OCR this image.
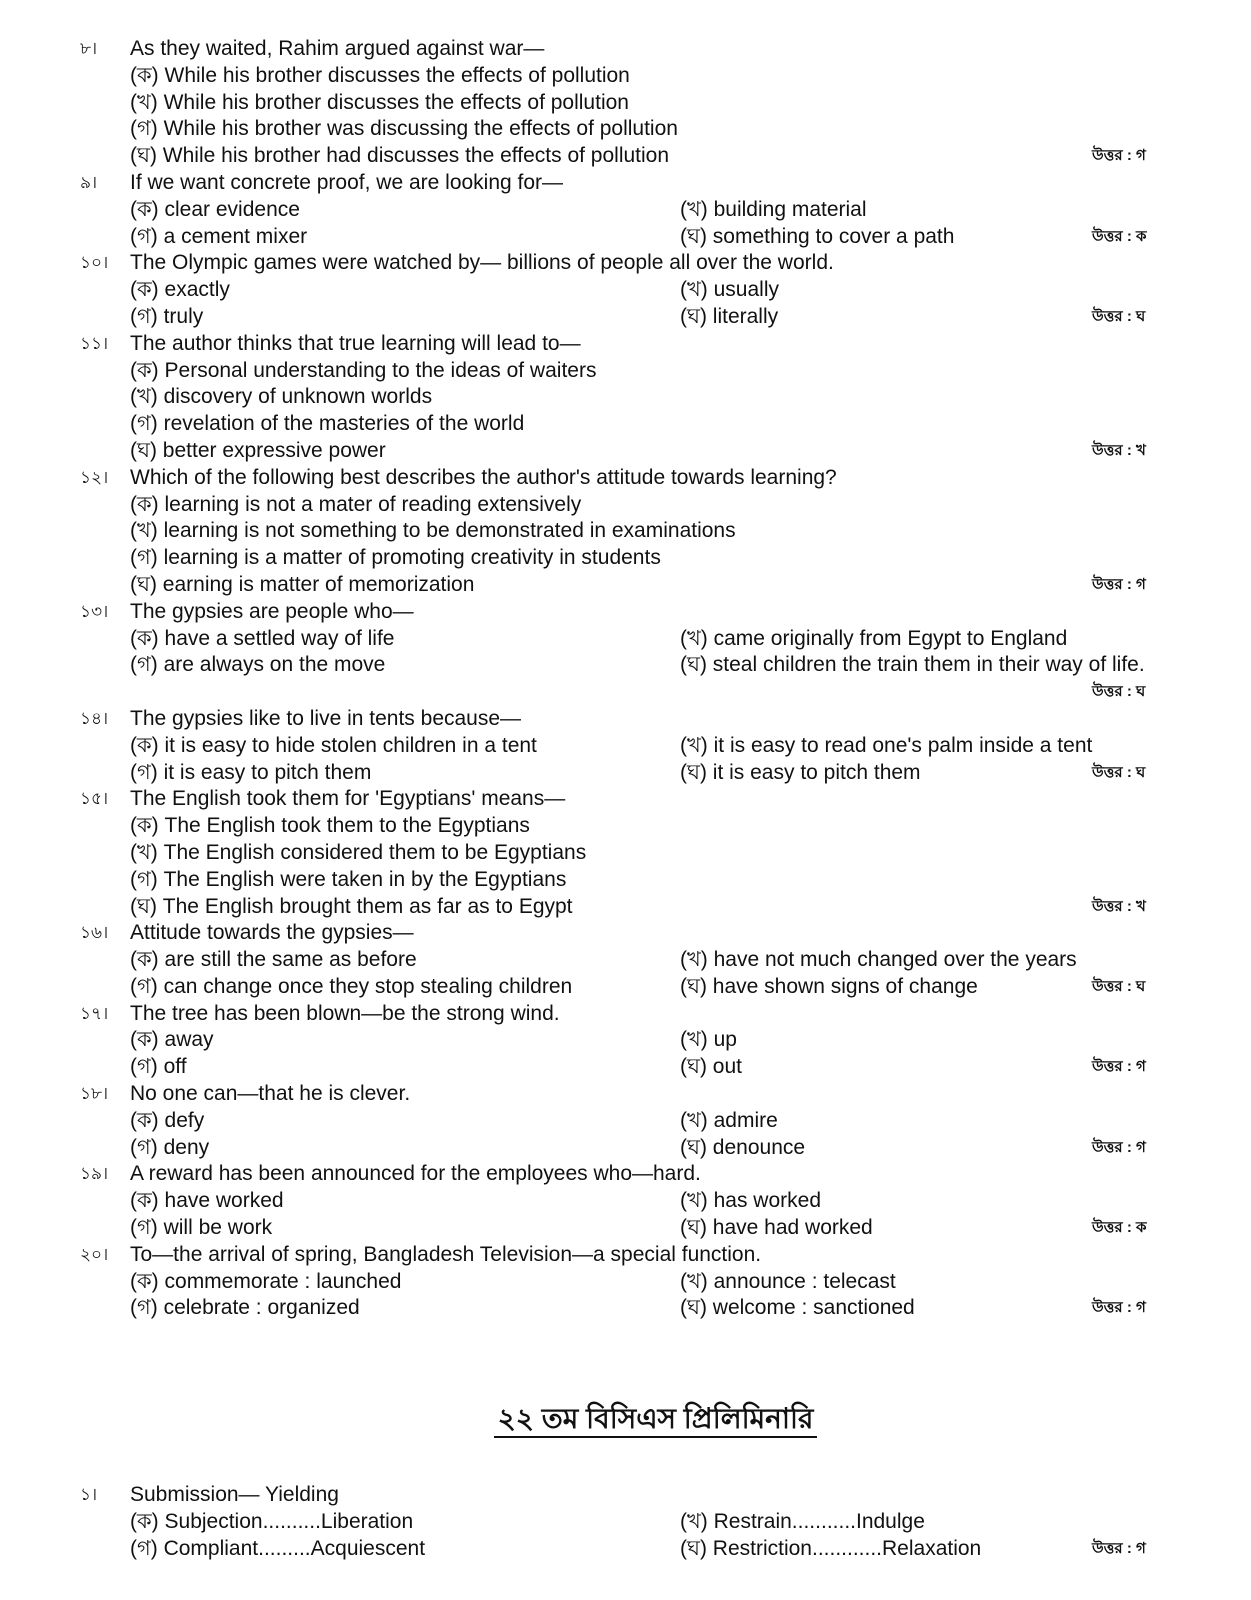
৮। As they waited, Rahim argued against war—
(ক) While his brother discusses the effects of pollution
(খ) While his brother discusses the effects of pollution
(গ) While his brother was discussing the effects of pollution
(ঘ) While his brother had discusses the effects of pollution	উত্তর : গ
৯। If we want concrete proof, we are looking for—
(ক) clear evidence	(খ) building material
(গ) a cement mixer	(ঘ) something to cover a path	উত্তর : ক
১০। The Olympic games were watched by— billions of people all over the world.
(ক) exactly	(খ) usually
(গ) truly	(ঘ) literally	উত্তর : ঘ
১১। The author thinks that true learning will lead to—
(ক) Personal understanding to the ideas of waiters
(খ) discovery of unknown worlds
(গ) revelation of the masteries of the world
(ঘ) better expressive power	উত্তর : খ
১২। Which of the following best describes the author's attitude towards learning?
(ক) learning is not a mater of reading extensively
(খ) learning is not something to be demonstrated in examinations
(গ) learning is a matter of promoting creativity in students
(ঘ) earning is matter of memorization	উত্তর : গ
১৩। The gypsies are people who—
(ক) have a settled way of life	(খ) came originally from Egypt to England
(গ) are always on the move	(ঘ) steal children the train them in their way of life.
উত্তর : ঘ
১৪। The gypsies like to live in tents because—
(ক) it is easy to hide stolen children in a tent	(খ) it is easy to read one's palm inside a tent
(গ) it is easy to pitch them	(ঘ) it is easy to pitch them	উত্তর : ঘ
১৫। The English took them for 'Egyptians' means—
(ক) The English took them to the Egyptians
(খ) The English considered them to be Egyptians
(গ) The English were taken in by the Egyptians
(ঘ) The English brought them as far as to Egypt	উত্তর : খ
১৬। Attitude towards the gypsies—
(ক) are still the same as before	(খ) have not much changed over the years
(গ) can change once they stop stealing children	(ঘ) have shown signs of change	উত্তর : ঘ
১৭। The tree has been blown—be the strong wind.
(ক) away	(খ) up
(গ) off	(ঘ) out	উত্তর : গ
১৮। No one can—that he is clever.
(ক) defy	(খ) admire
(গ) deny	(ঘ) denounce	উত্তর : গ
১৯। A reward has been announced for the employees who—hard.
(ক) have worked	(খ) has worked
(গ) will be work	(ঘ) have had worked	উত্তর : ক
২০। To—the arrival of spring, Bangladesh Television—a special function.
(ক) commemorate : launched	(খ) announce : telecast
(গ) celebrate : organized	(ঘ) welcome : sanctioned	উত্তর : গ
২২ তম বিসিএস প্রিলিমিনারি
১। Submission— Yielding
(ক) Subjection..........Liberation	(খ) Restrain...........Indulge
(গ) Compliant.........Acquiescent	(ঘ) Restriction............Relaxation	উত্তর : গ
